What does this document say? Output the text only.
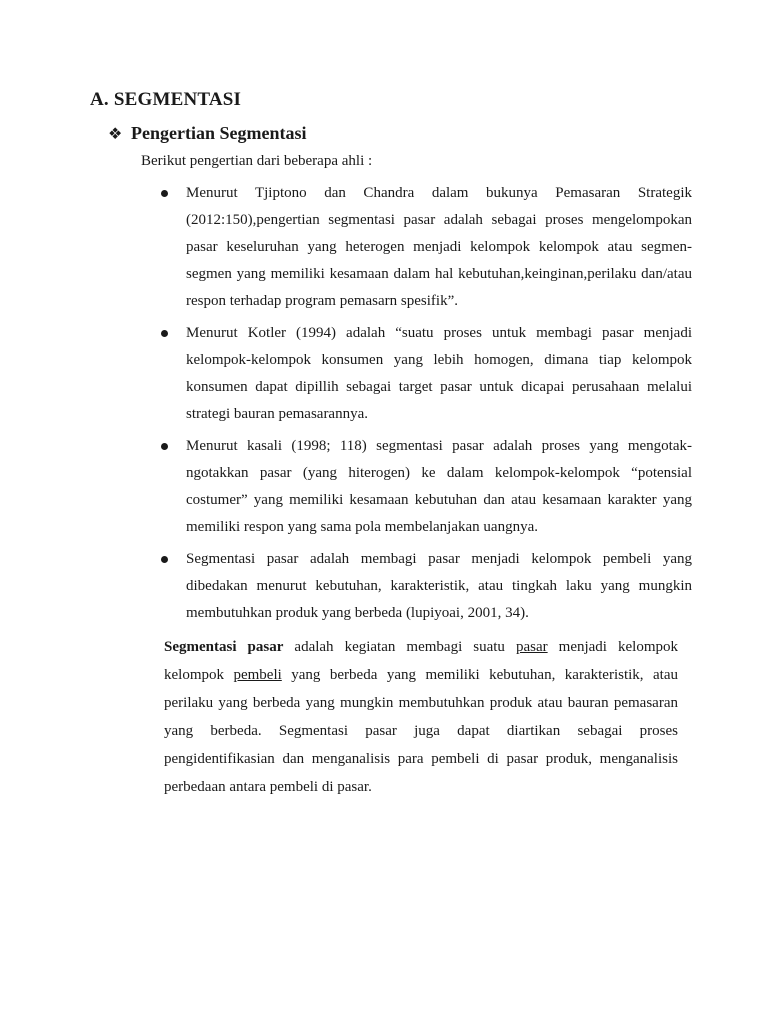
A. SEGMENTASI
❖ Pengertian Segmentasi

Berikut pengertian dari beberapa ahli :

Menurut Tjiptono dan Chandra dalam bukunya Pemasaran Strategik (2012:150),pengertian segmentasi pasar adalah sebagai proses mengelompokan pasar keseluruhan yang heterogen menjadi kelompok kelompok atau segmen-segmen yang memiliki kesamaan dalam hal kebutuhan,keinginan,perilaku dan/atau respon terhadap program pemasarn spesifik”.
Menurut Kotler (1994) adalah “suatu proses untuk membagi pasar menjadi kelompok-kelompok konsumen yang lebih homogen, dimana tiap kelompok konsumen dapat dipillih sebagai target pasar untuk dicapai perusahaan melalui strategi bauran pemasarannya.
Menurut kasali (1998; 118) segmentasi pasar adalah proses yang mengotak-ngotakkan pasar (yang hiterogen) ke dalam kelompok-kelompok “potensial costumer” yang memiliki kesamaan kebutuhan dan atau kesamaan karakter yang memiliki respon yang sama pola membelanjakan uangnya.
Segmentasi pasar adalah membagi pasar menjadi kelompok pembeli yang dibedakan menurut kebutuhan, karakteristik, atau tingkah laku yang mungkin membutuhkan produk yang berbeda (lupiyoai, 2001, 34).

Segmentasi pasar adalah kegiatan membagi suatu pasar menjadi kelompok kelompok pembeli yang berbeda yang memiliki kebutuhan, karakteristik, atau perilaku yang berbeda yang mungkin membutuhkan produk atau bauran pemasaran yang berbeda. Segmentasi pasar juga dapat diartikan sebagai proses pengidentifikasian dan menganalisis para pembeli di pasar produk, menganalisis perbedaan antara pembeli di pasar.
